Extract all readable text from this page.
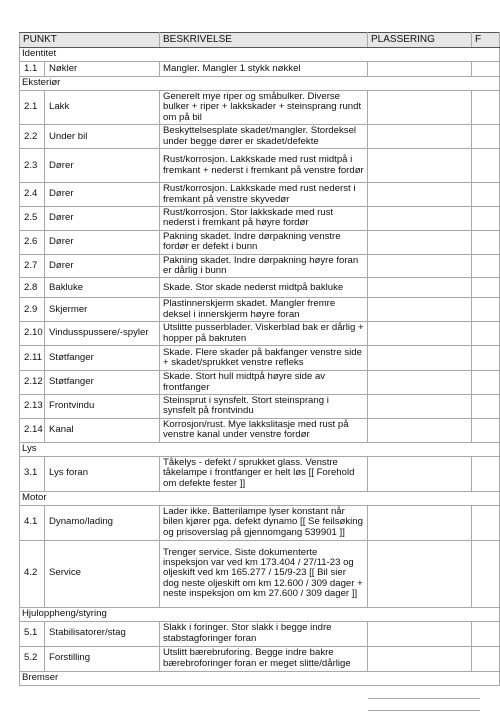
PUNKT		BESKRIVELSE	PLASSERING	F
Identitet				
1.1	Nøkler	Mangler. Mangler 1 stykk nøkkel		
Eksteriør				
2.1	Lakk	Generelt mye riper og småbulker. Diverse bulker + riper + lakkskader + steinsprang rundt om på bil		
2.2	Under bil	Beskyttelsesplate skadet/mangler. Stordeksel under begge dører er skadet/defekte		
2.3	Dører	Rust/korrosjon. Lakkskade med rust midtpå i fremkant + nederst i fremkant på venstre fordør		
2.4	Dører	Rust/korrosjon. Lakkskade med rust nederst i fremkant på venstre skyvedør		
2.5	Dører	Rust/korrosjon. Stor lakkskade med rust nederst i fremkant på høyre fordør		
2.6	Dører	Pakning skadet. Indre dørpakning venstre fordør er defekt i bunn		
2.7	Dører	Pakning skadet. Indre dørpakning høyre foran er dårlig i bunn		
2.8	Bakluke	Skade. Stor skade nederst midtpå bakluke		
2.9	Skjermer	Plastinnerskjerm skadet. Mangler fremre deksel i innerskjerm høyre foran		
2.10	Vindusspussere/-spyler	Utslitte pusserblader. Viskerblad bak er dårlig + hopper på bakruten		
2.11	Støtfanger	Skade. Flere skader på bakfanger venstre side + skadet/sprukket venstre refleks		
2.12	Støtfanger	Skade. Stort hull midtpå høyre side av frontfanger		
2.13	Frontvindu	Steinsprut i synsfelt. Stort steinsprang i synsfelt på frontvindu		
2.14	Kanal	Korrosjon/rust. Mye lakkslitasje med rust på venstre kanal under venstre fordør		
Lys				
3.1	Lys foran	Tåkelys - defekt / sprukket glass. Venstre tåkelampe i frontfanger er helt løs [[ Forehold om defekte fester ]]		
Motor				
4.1	Dynamo/lading	Lader ikke. Batterilampe lyser konstant når bilen kjører pga. defekt dynamo [[ Se feilsøking og prisoverslag på gjennomgang 539901 ]]		
4.2	Service	Trenger service. Siste dokumenterte inspeksjon var ved km 173.404 / 27/11-23 og oljeskift ved km 165.277 / 15/9-23 [[ Bil sier dog neste oljeskift om km 12.600 / 309 dager + neste inspeksjon om km 27.600 / 309 dager ]]		
Hjuloppheng/styring				
5.1	Stabilisatorer/stag	Slakk i foringer. Stor slakk i begge indre stabstagforinger foran		
5.2	Forstilling	Utslitt bærebruforing. Begge indre bakre bærebroforinger foran er meget slitte/dårlige		
Bremser				
